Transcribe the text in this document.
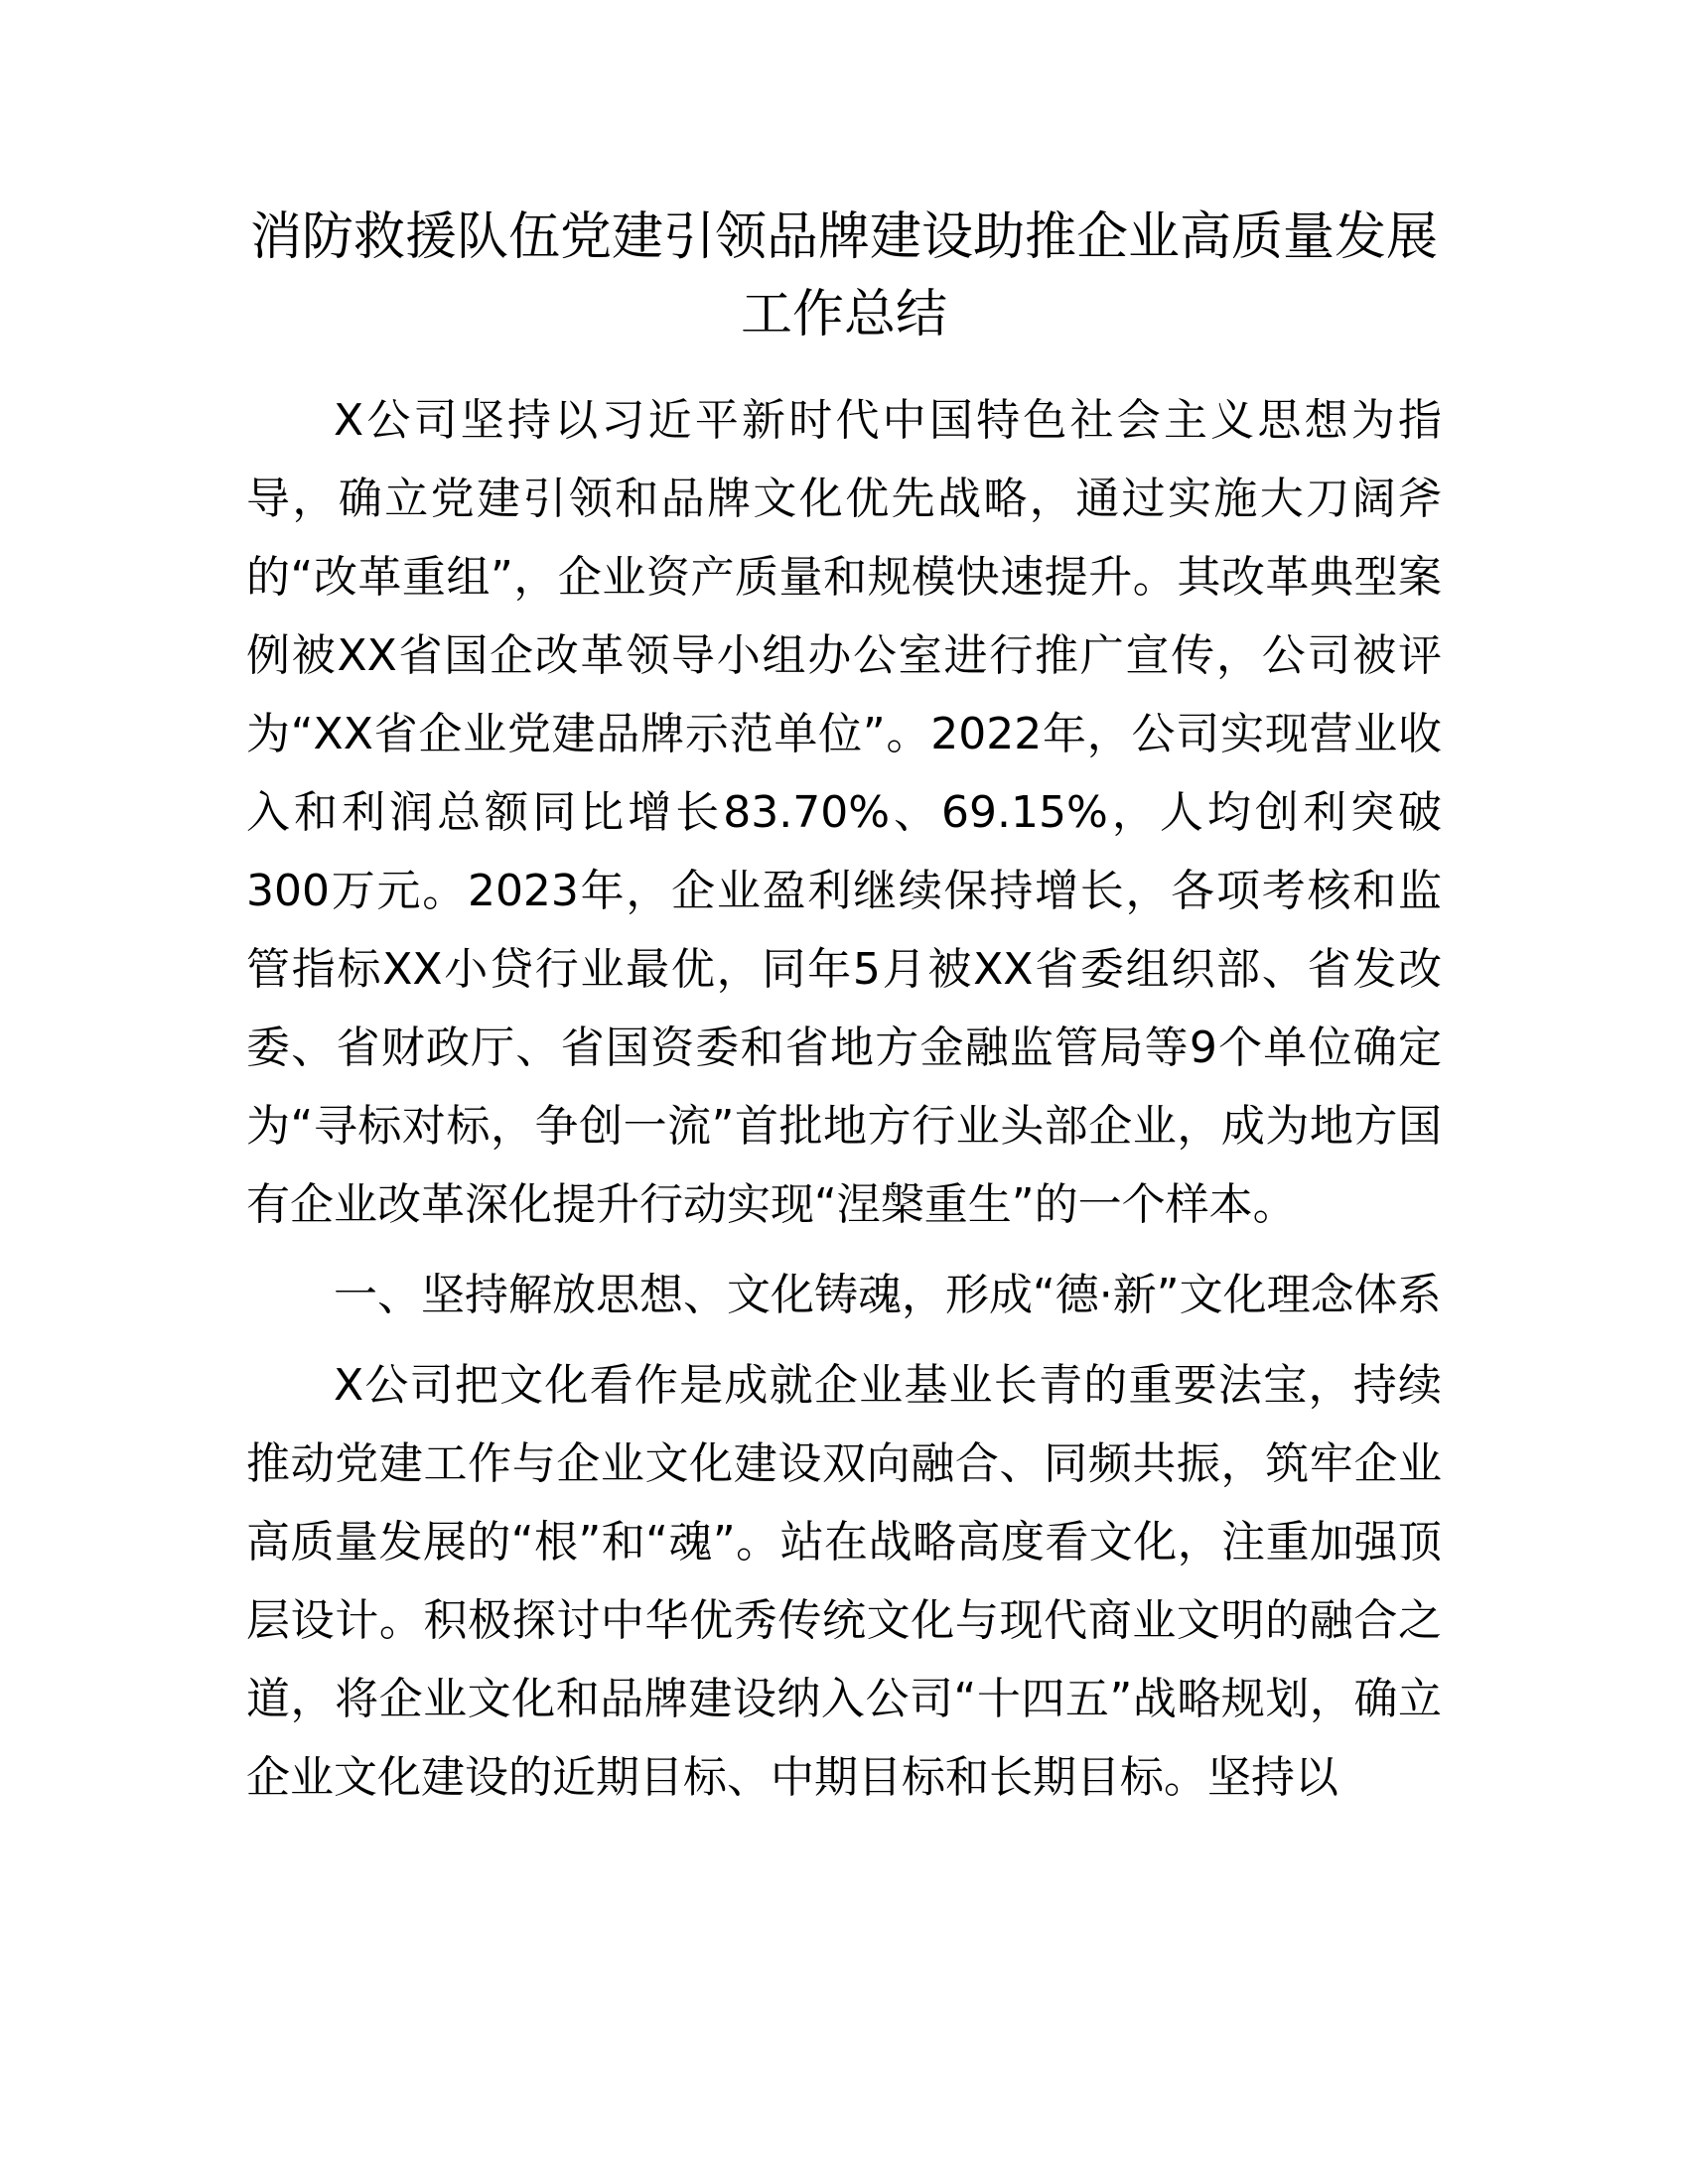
消防救援队伍党建引领品牌建设助推企业高质量发展工作总结

X公司坚持以习近平新时代中国特色社会主义思想为指导，确立党建引领和品牌文化优先战略，通过实施大刀阔斧的“改革重组”，企业资产质量和规模快速提升。其改革典型案例被XX省国企改革领导小组办公室进行推广宣传，公司被评为“XX省企业党建品牌示范单位”。2022年，公司实现营业收入和利润总额同比增长83.70%、69.15%，人均创利突破300万元。2023年，企业盈利继续保持增长，各项考核和监管指标XX小贷行业最优，同年5月被XX省委组织部、省发改委、省财政厅、省国资委和省地方金融监管局等9个单位确定为“寻标对标，争创一流”首批地方行业头部企业，成为地方国有企业改革深化提升行动实现“涅槃重生”的一个样本。

一、坚持解放思想、文化铸魂，形成“德·新”文化理念体系

X公司把文化看作是成就企业基业长青的重要法宝，持续推动党建工作与企业文化建设双向融合、同频共振，筑牢企业高质量发展的“根”和“魂”。站在战略高度看文化，注重加强顶层设计。积极探讨中华优秀传统文化与现代商业文明的融合之道，将企业文化和品牌建设纳入公司“十四五”战略规划，确立企业文化建设的近期目标、中期目标和长期目标。坚持以
